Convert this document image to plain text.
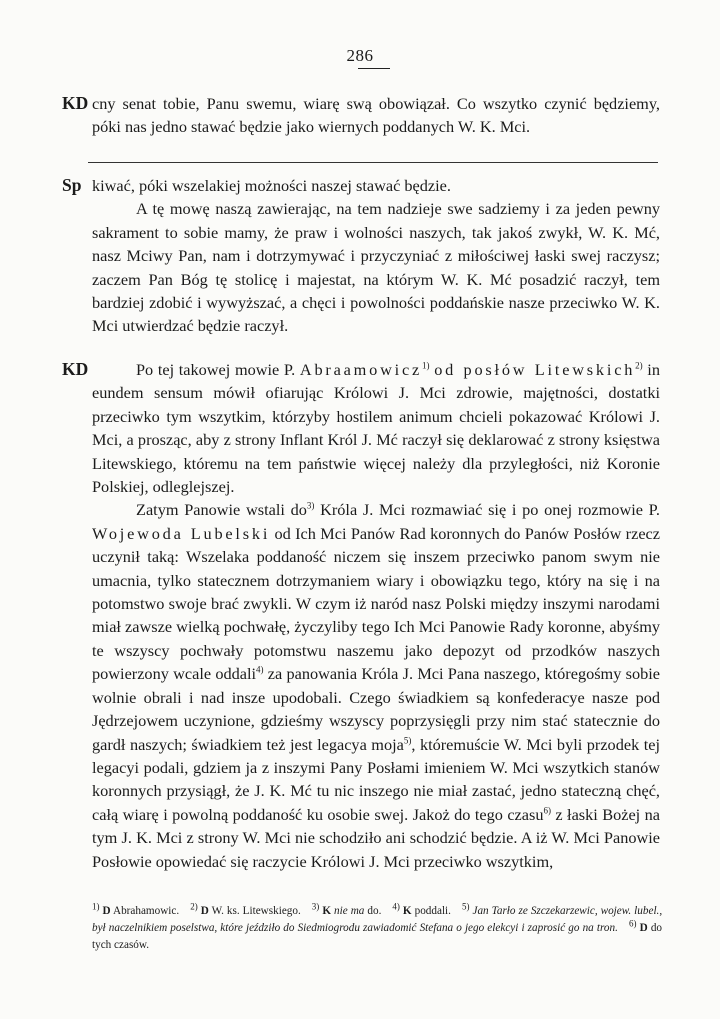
286
KD cny senat tobie, Panu swemu, wiarę swą obowiązał. Co wszytko czynić będziemy, póki nas jedno stawać będzie jako wiernych poddanych W. K. Mci.

Sp kiwać, póki wszelakiej możności naszej stawać będzie.

A tę mowę naszą zawierając, na tem nadzieje swe sadziemy i za jeden pewny sakrament to sobie mamy, że praw i wolności naszych, tak jakoś zwykł, W. K. Mć, nasz Mciwy Pan, nam i dotrzymywać i przyczyniać z miłościwej łaski swej raczysz; zaczem Pan Bóg tę stolicę i majestat, na którym W. K. Mć posadzić raczył, tem bardziej zdobić i wywyższać, a chęci i powolności poddańskie nasze przeciwko W. K. Mci utwierdzać będzie raczył.

KD	Po tej takowej mowie P. Abraamowicz$^{1)}$ od posłów Litewskich$^{2)}$ in eundem sensum mówił ofiarując Królowi J. Mci zdrowie, majętności, dostatki przeciwko tym wszytkim, którzyby hostilem animum chcieli pokazować Królowi J. Mci, a prosząc, aby z strony Inflant Król J. Mć raczył się deklarować z strony księstwa Litewskiego, któremu na tem państwie więcej należy dla przyległości, niż Koronie Polskiej, odleglejszej.

Zatym Panowie wstali $do^{3)}$ Króla J. Mci rozmawiać się i po onej rozmowie P. Wojewoda Lubelski od Ich Mci Panów Rad koronnych do Panów Posłów rzecz uczynił taką: Wszelaka poddaność niczem się inszem przeciwko panom swym nie umacnia, tylko statecznem dotrzymaniem wiary i obowiązku tego, który na się i na potomstwo swoje brać zwykli. W czym iż naród nasz Polski między inszymi narodami miał zawsze wielką pochwałę, życzyliby tego Ich Mci Panowie Rady koronne, abyśmy te wszyscy pochwały potomstwu naszemu jako depozyt od przodków naszych powierzony wcale oddali$^{4)}$ za panowania Króla J. Mci Pana naszego, któregośmy sobie wolnie obrali i nad insze upodobali. Czego świadkiem są konfederacye nasze pod Jędrzejowem uczynione, gdzieśmy wszyscy poprzysięgli przy nim stać statecznie do gardł naszych; świadkiem też jest legacya moja$^{5)}$, któremuście W. Mci byli przodek tej legacyi podali, gdziem ja z inszymi Pany Posłami imieniem W. Mci wszytkich stanów koronnych przysiągł, że J. K. Mć tu nic inszego nie miał zastać, jedno stateczną chęć, całą wiarę i powolną poddaność ku osobie swej. Jakoż do tego czasu$^{6)}$ z łaski Bożej na tym J. K. Mci z strony W. Mci nie schodziło ani schodzić będzie. A iż W. Mci Panowie Posłowie opowiedać się raczycie Królowi J. Mci przeciwko wszytkim,

$^{1)}$ D Abrahamowic. $^{2)}$ D W. ks. Litewskiego. $^{3)}$ K nie ma do. $^{4)}$ K poddali. $^{5)}$ Jan Tarło ze Szczekarzewic, wojew. lubel., był naczelnikiem poselstwa, które jeździło do Siedmiogrodu zawiadomić Stefana o jego elekcyi i zaprosić go na tron. $^{6)}$ D do tych czasów.
